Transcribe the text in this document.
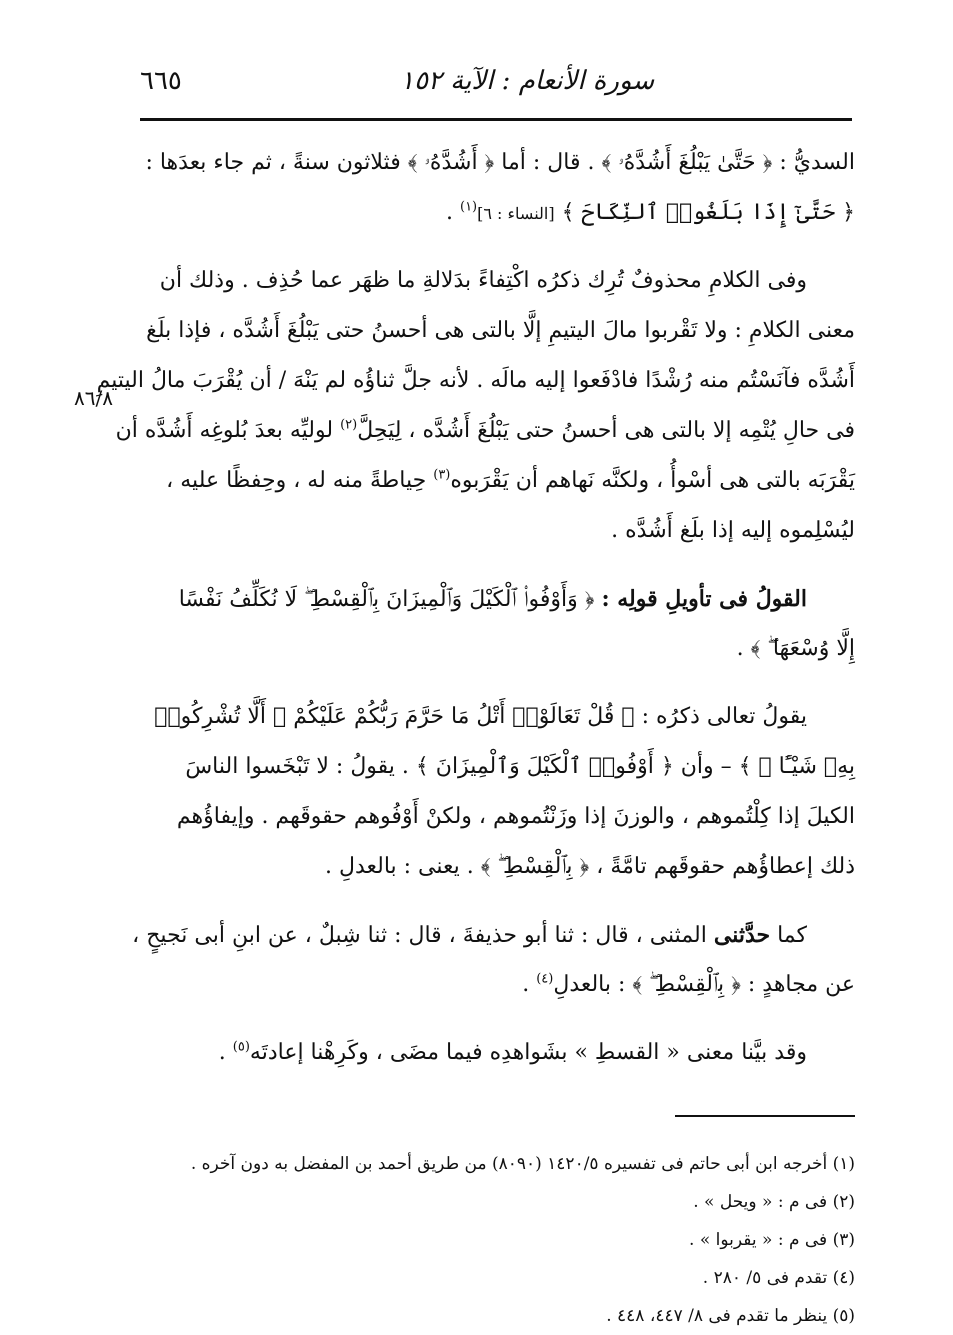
٦٦٥	سورة الأنعام : الآية ١٥٢
٨٦/٨
السديُّ : ﴿ حَتَّىٰ يَبْلُغَ أَشُدَّهُۥ ﴾ . قال : أما ﴿ أَشُدَّهُۥ ﴾ فثلاثون سنةً ، ثم جاء بعدَها :
﴿ حَتَّىٰٓ إِذَا بَلَغُوا۟ ٱلنِّكَاحَ ﴾ [النساء : ٦]$^{(١)}$ .
وفى الكلامِ محذوفٌ تُرِك ذكرُه اكْتِفاءً بدَلالةِ ما ظهَر عما حُذِف . وذلك أن
معنى الكلامِ : ولا تَقْربوا مالَ اليتيمِ إلَّا بالتى هى أحسنُ حتى يَبْلُغَ أَشُدَّه ، فإذا بلَغ
أَشُدَّه فآنَسْتُم منه رُشْدًا فادْفَعوا إليه مالَه . لأنه جلَّ ثناؤُه لم يَنْهَ / أن يُقْرَبَ مالُ اليتيمِ
فى حالِ يُتْمِه إلا بالتى هى أحسنُ حتى يَبْلُغَ أَشُدَّه ، لِيَحِلَّ$^{(٢)}$ لوليِّه بعدَ بُلوغِه أَشُدَّه أن
يَقْرَبَه بالتى هى أسْوأُ ، ولكنَّه نَهاهم أن يَقْرَبوه$^{(٣)}$ حِياطةً منه له ، وحِفظًا عليه ،
ليُسْلِموه إليه إذا بلَغ أَشُدَّه .
القولُ فى تأويلِ قولِه : ﴿ وَأَوْفُوا۟ ٱلْكَيْلَ وَٱلْمِيزَانَ بِٱلْقِسْطِ ۖ لَا نُكَلِّفُ نَفْسًا
إِلَّا وُسْعَهَا ۖ ﴾ .
يقولُ تعالى ذكرُه : ﴿ قُلْ تَعَالَوْا۟ أَتْلُ مَا حَرَّمَ رَبُّكُمْ عَلَيْكُمْ ۖ أَلَّا تُشْرِكُوا۟
بِهِۦ شَيْـًٔا ۖ ﴾ – وأن ﴿ أَوْفُوا۟ ٱلْكَيْلَ وَٱلْمِيزَانَ ﴾ . يقولُ : لا تَبْخَسوا الناسَ
الكيلَ إذا كِلْتُموهم ، والوزنَ إذا وزَنْتُموهم ، ولكنْ أَوْفُوهم حقوقَهم . وإيفاؤُهم
ذلك إعطاؤُهم حقوقَهم تامَّةً ، ﴿ بِٱلْقِسْطِ ۖ ﴾ . يعنى : بالعدلِ .
كما حدَّثنى المثنى ، قال : ثنا أبو حذيفةَ ، قال : ثنا شِبلٌ ، عن ابنِ أبى نَجيحٍ ،
عن مجاهدٍ : ﴿ بِٱلْقِسْطِ ۖ ﴾ : بالعدلِ$^{(٤)}$ .
وقد بيَّنا معنى « القسطِ » بشَواهدِه فيما مضَى ، وكَرِهْنا إعادتَه$^{(٥)}$ .
(١) أخرجه ابن أبى حاتم فى تفسيره ١٤٢٠/٥ (٨٠٩٠) من طريق أحمد بن المفضل به دون آخره .
(٢) فى م : « ويحل » .
(٣) فى م : « يقربوا » .
(٤) تقدم فى ٥/ ٢٨٠ .
(٥) ينظر ما تقدم فى ٨/ ٤٤٧، ٤٤٨ .
